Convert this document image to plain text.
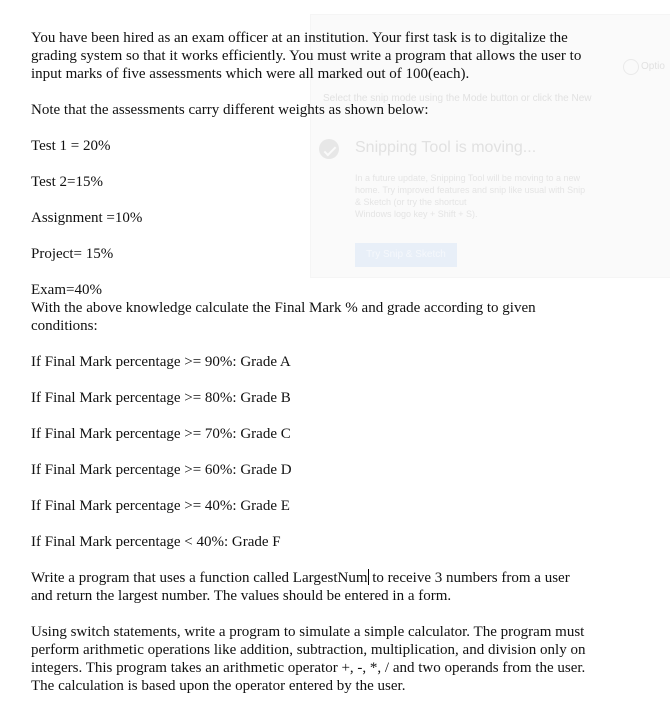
Optio
Select the snip mode using the Mode button or click the New
Snipping Tool is moving...
In a future update, Snipping Tool will be moving to a new
home. Try improved features and snip like usual with Snip
& Sketch (or try the shortcut
Windows logo key + Shift + S).
Try Snip & Sketch
You have been hired as an exam officer at an institution. Your first task is to digitalize the
grading system so that it works efficiently. You must write a program that allows the user to
input marks of five assessments which were all marked out of 100(each).
Note that the assessments carry different weights as shown below:
Test 1 = 20%
Test 2=15%
Assignment =10%
Project= 15%
Exam=40%
With the above knowledge calculate the Final Mark % and grade according to given
conditions:
If Final Mark percentage >= 90%: Grade A
If Final Mark percentage >= 80%: Grade B
If Final Mark percentage >= 70%: Grade C
If Final Mark percentage >= 60%: Grade D
If Final Mark percentage >= 40%: Grade E
If Final Mark percentage < 40%: Grade F
Write a program that uses a function called LargestNum to receive 3 numbers from a user
and return the largest number. The values should be entered in a form.
Using switch statements, write a program to simulate a simple calculator. The program must
perform arithmetic operations like addition, subtraction, multiplication, and division only on
integers. This program takes an arithmetic operator +, -, *, / and two operands from the user.
The calculation is based upon the operator entered by the user.
